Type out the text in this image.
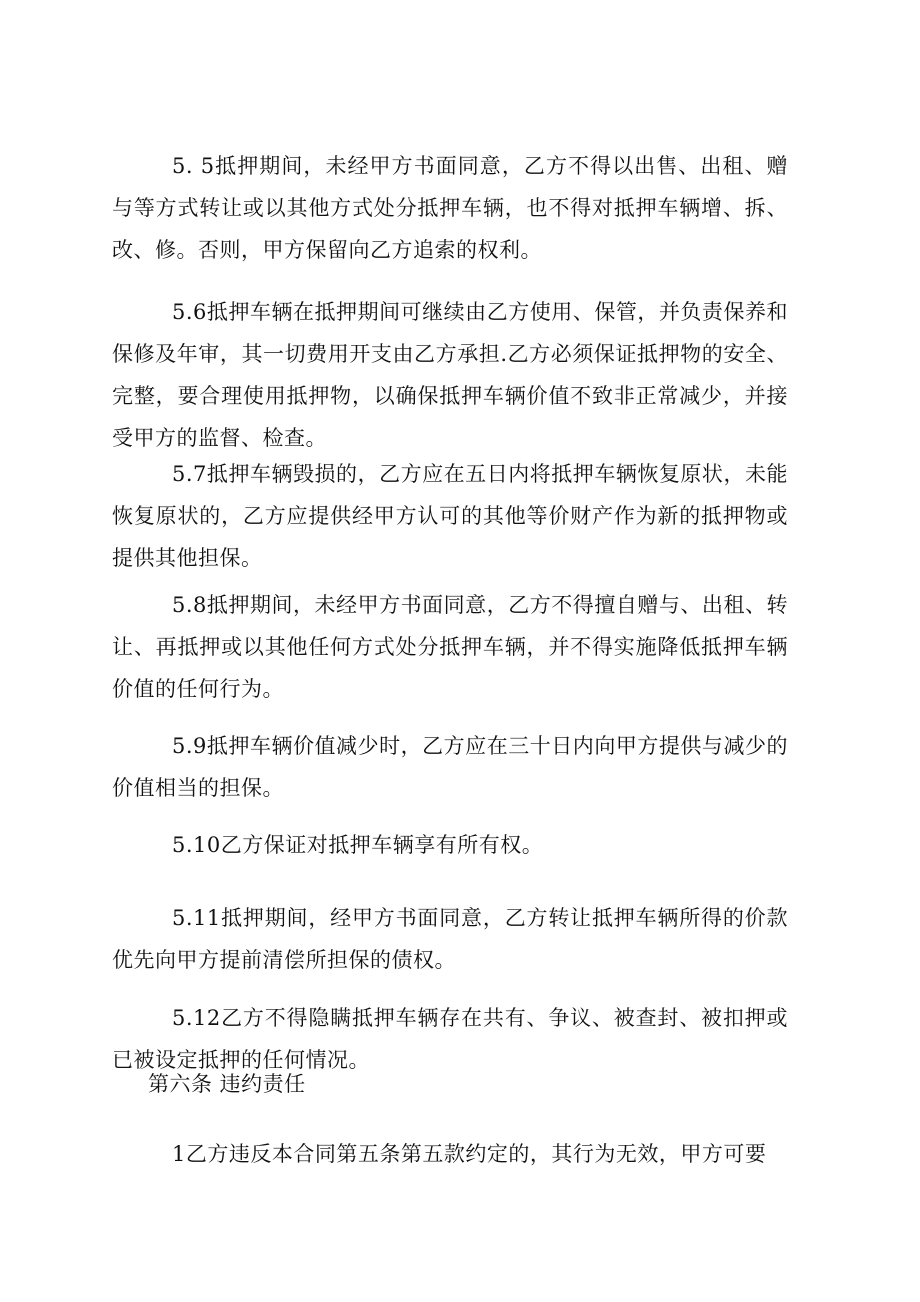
5. 5抵押期间，未经甲方书面同意，乙方不得以出售、出租、赠与等方式转让或以其他方式处分抵押车辆，也不得对抵押车辆增、拆、改、修。否则，甲方保留向乙方追索的权利。

5.6抵押车辆在抵押期间可继续由乙方使用、保管，并负责保养和保修及年审，其一切费用开支由乙方承担.乙方必须保证抵押物的安全、完整，要合理使用抵押物，以确保抵押车辆价值不致非正常减少，并接受甲方的监督、检查。

5.7抵押车辆毁损的，乙方应在五日内将抵押车辆恢复原状，未能恢复原状的，乙方应提供经甲方认可的其他等价财产作为新的抵押物或提供其他担保。

5.8抵押期间，未经甲方书面同意，乙方不得擅自赠与、出租、转让、再抵押或以其他任何方式处分抵押车辆，并不得实施降低抵押车辆价值的任何行为。

5.9抵押车辆价值减少时，乙方应在三十日内向甲方提供与减少的价值相当的担保。

5.10乙方保证对抵押车辆享有所有权。

5.11抵押期间，经甲方书面同意，乙方转让抵押车辆所得的价款优先向甲方提前清偿所担保的债权。

5.12乙方不得隐瞒抵押车辆存在共有、争议、被查封、被扣押或已被设定抵押的任何情况。

第六条 违约责任

1乙方违反本合同第五条第五款约定的，其行为无效，甲方可要
